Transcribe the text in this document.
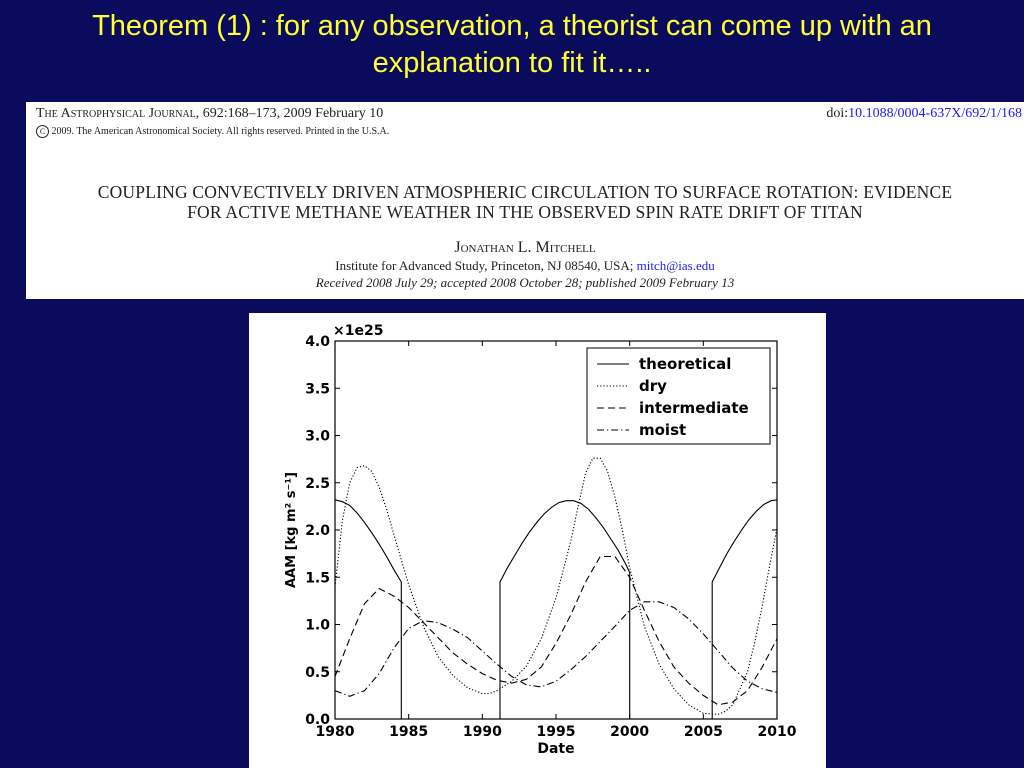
Theorem (1) : for any observation, a theorist can come up with an explanation to fit it…..
The Astrophysical Journal, 692:168–173, 2009 February 10	doi:10.1088/0004-637X/692/1/168
C 2009. The American Astronomical Society. All rights reserved. Printed in the U.S.A.
COUPLING CONVECTIVELY DRIVEN ATMOSPHERIC CIRCULATION TO SURFACE ROTATION: EVIDENCE
FOR ACTIVE METHANE WEATHER IN THE OBSERVED SPIN RATE DRIFT OF TITAN
Jonathan L. Mitchell
Institute for Advanced Study, Princeton, NJ 08540, USA; mitch@ias.edu
Received 2008 July 29; accepted 2008 October 28; published 2009 February 13
1980 1985 1990 1995 2000 2005 2010
0.0
0.5
1.0
1.5
2.0
2.5
3.0
3.5
4.0
×1e25
Date
AAM [kg m² s⁻¹]
theoretical
dry
intermediate
moist
